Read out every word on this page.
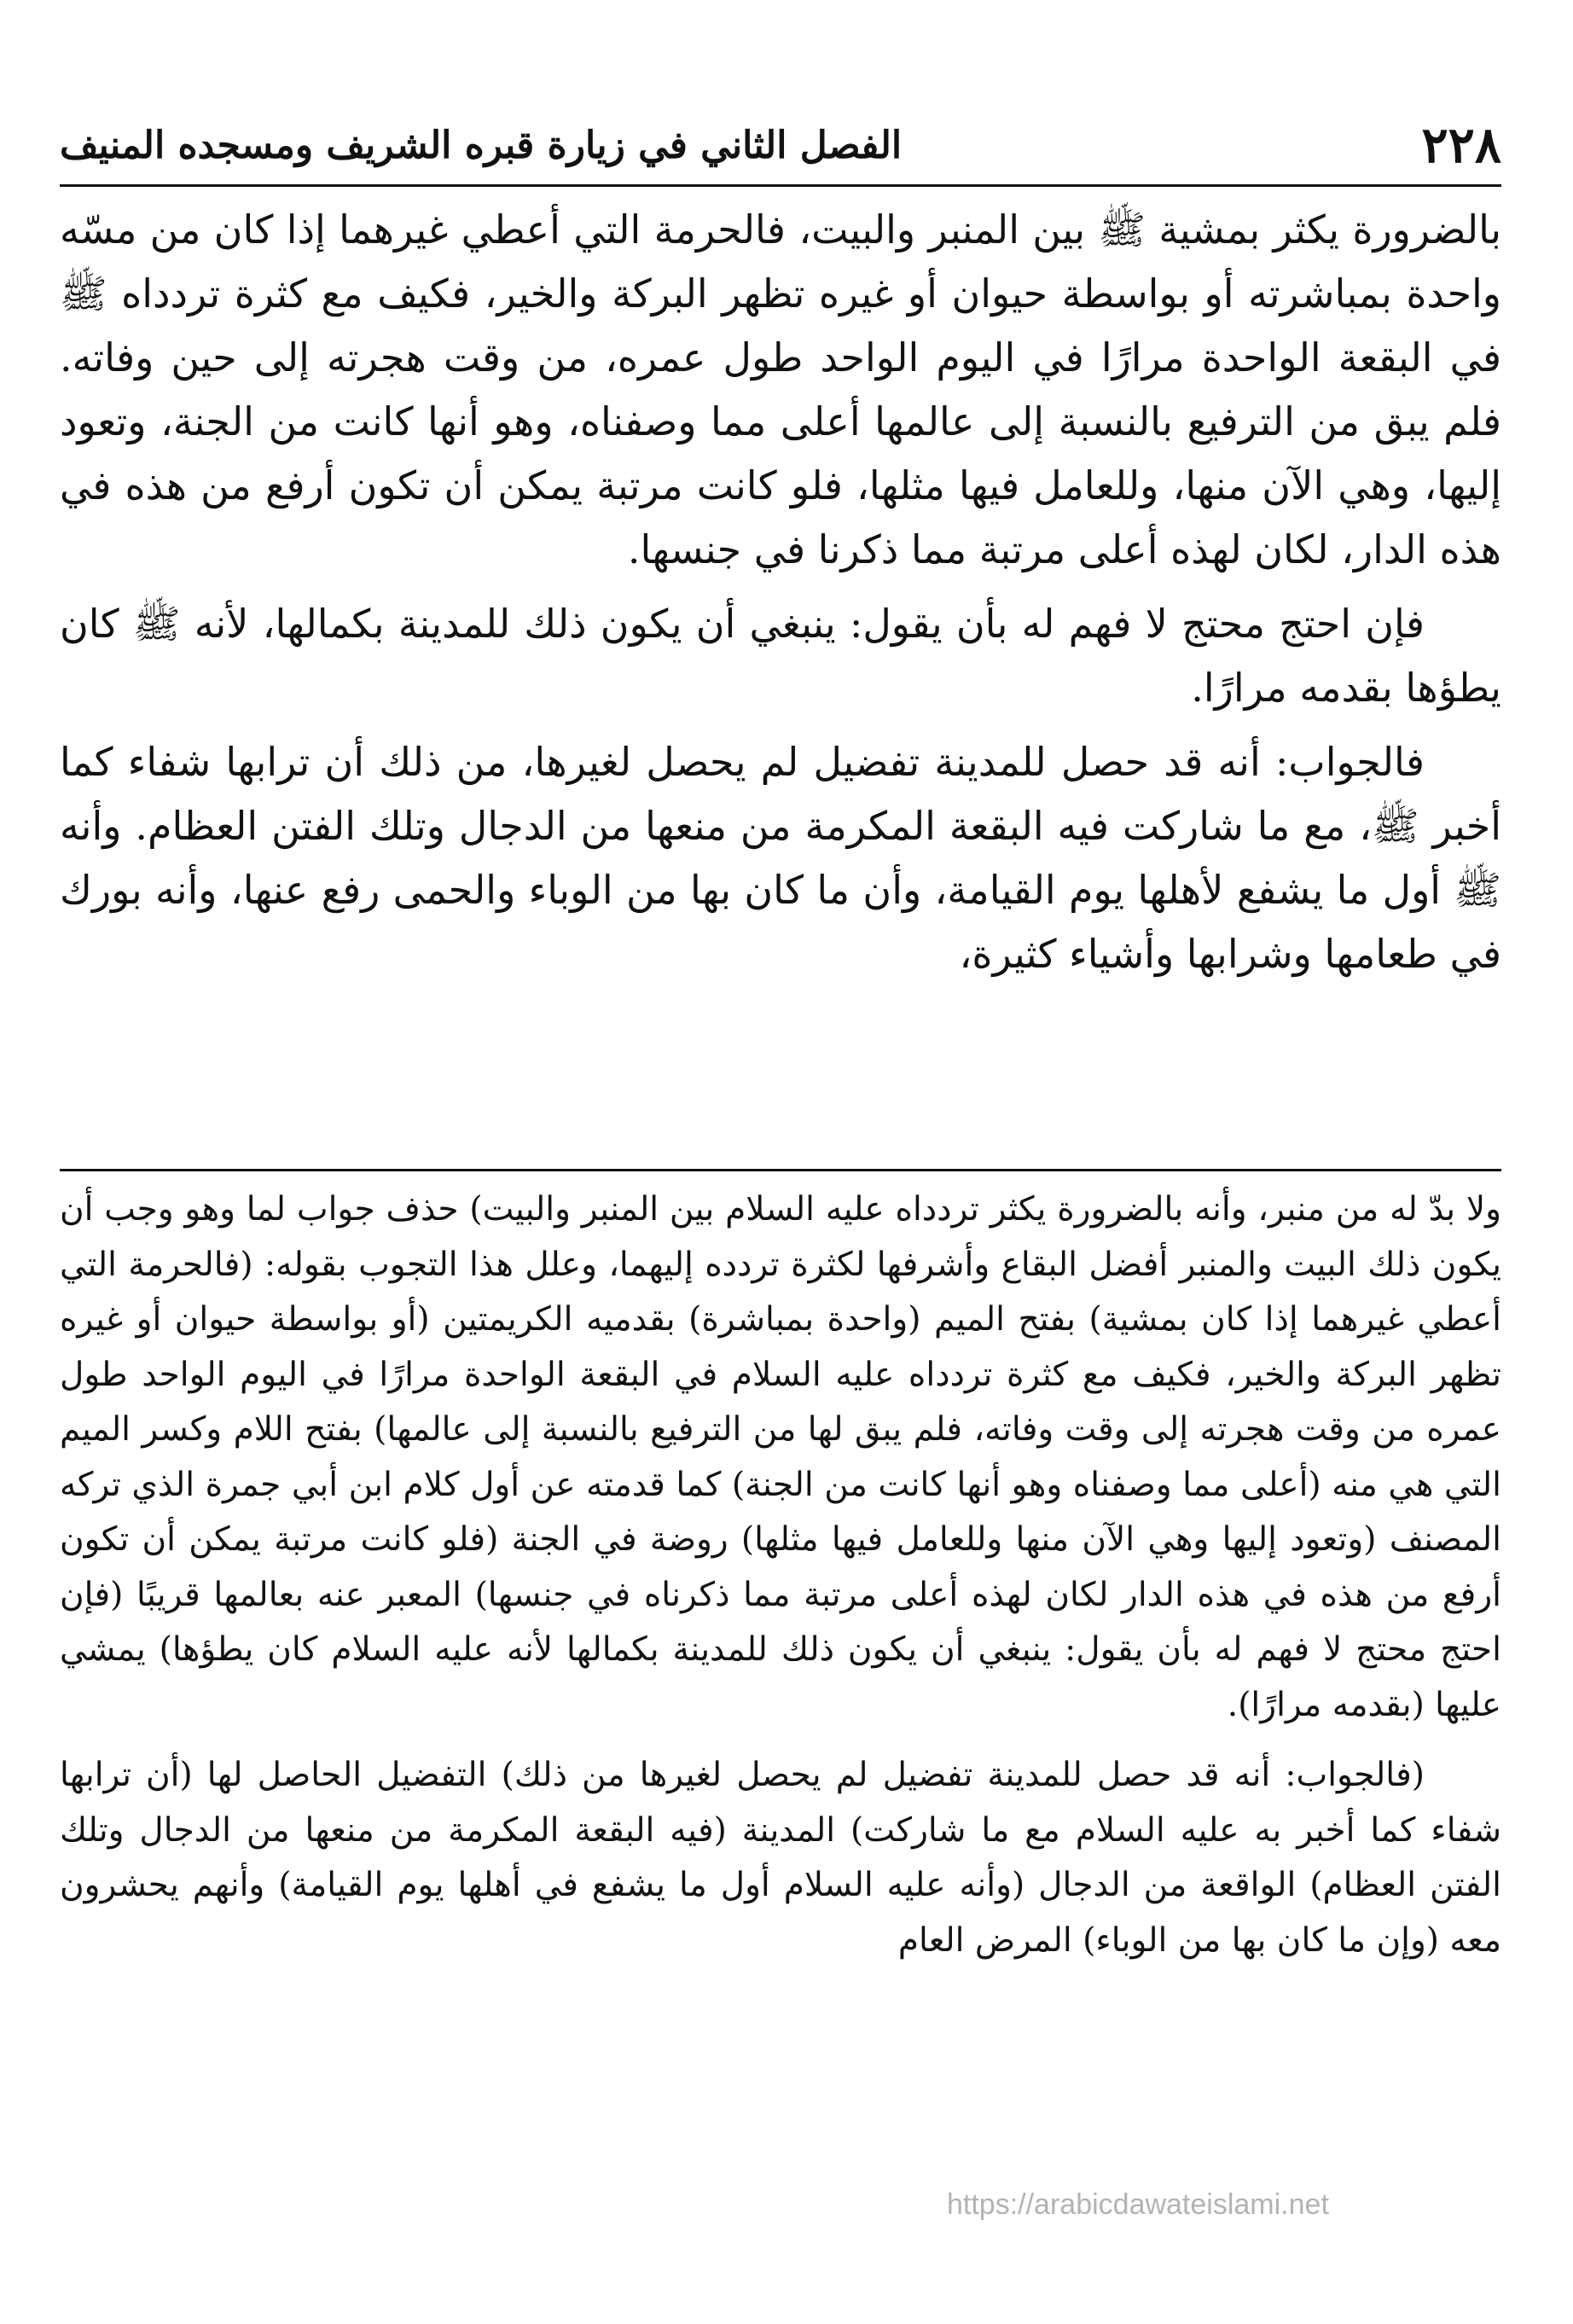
٢٢٨
الفصل الثاني في زيارة قبره الشريف ومسجده المنيف

بالضرورة يكثر بمشية ﷺ بين المنبر والبيت، فالحرمة التي أعطي غيرهما إذا كان من مسّه واحدة بمباشرته أو بواسطة حيوان أو غيره تظهر البركة والخير، فكيف مع كثرة تردداه ﷺ في البقعة الواحدة مرارًا في اليوم الواحد طول عمره، من وقت هجرته إلى حين وفاته. فلم يبق من الترفيع بالنسبة إلى عالمها أعلى مما وصفناه، وهو أنها كانت من الجنة، وتعود إليها، وهي الآن منها، وللعامل فيها مثلها، فلو كانت مرتبة يمكن أن تكون أرفع من هذه في هذه الدار، لكان لهذه أعلى مرتبة مما ذكرنا في جنسها.

فإن احتج محتج لا فهم له بأن يقول: ينبغي أن يكون ذلك للمدينة بكمالها، لأنه ﷺ كان يطؤها بقدمه مرارًا.

فالجواب: أنه قد حصل للمدينة تفضيل لم يحصل لغيرها، من ذلك أن ترابها شفاء كما أخبر ﷺ، مع ما شاركت فيه البقعة المكرمة من منعها من الدجال وتلك الفتن العظام. وأنه ﷺ أول ما يشفع لأهلها يوم القيامة، وأن ما كان بها من الوباء والحمى رفع عنها، وأنه بورك في طعامها وشرابها وأشياء كثيرة،

ولا بدّ له من منبر، وأنه بالضرورة يكثر تردداه عليه السلام بين المنبر والبيت) حذف جواب لما وهو وجب أن يكون ذلك البيت والمنبر أفضل البقاع وأشرفها لكثرة تردده إليهما، وعلل هذا التجوب بقوله: (فالحرمة التي أعطي غيرهما إذا كان بمشية) بفتح الميم (واحدة بمباشرة) بقدميه الكريمتين (أو بواسطة حيوان أو غيره تظهر البركة والخير، فكيف مع كثرة تردداه عليه السلام في البقعة الواحدة مرارًا في اليوم الواحد طول عمره من وقت هجرته إلى وقت وفاته، فلم يبق لها من الترفيع بالنسبة إلى عالمها) بفتح اللام وكسر الميم التي هي منه (أعلى مما وصفناه وهو أنها كانت من الجنة) كما قدمته عن أول كلام ابن أبي جمرة الذي تركه المصنف (وتعود إليها وهي الآن منها وللعامل فيها مثلها) روضة في الجنة (فلو كانت مرتبة يمكن أن تكون أرفع من هذه في هذه الدار لكان لهذه أعلى مرتبة مما ذكرناه في جنسها) المعبر عنه بعالمها قريبًا (فإن احتج محتج لا فهم له بأن يقول: ينبغي أن يكون ذلك للمدينة بكمالها لأنه عليه السلام كان يطؤها) يمشي عليها (بقدمه مرارًا).

(فالجواب: أنه قد حصل للمدينة تفضيل لم يحصل لغيرها من ذلك) التفضيل الحاصل لها (أن ترابها شفاء كما أخبر به عليه السلام مع ما شاركت) المدينة (فيه البقعة المكرمة من منعها من الدجال وتلك الفتن العظام) الواقعة من الدجال (وأنه عليه السلام أول ما يشفع في أهلها يوم القيامة) وأنهم يحشرون معه (وإن ما كان بها من الوباء) المرض العام

https://arabicdawateislami.net
